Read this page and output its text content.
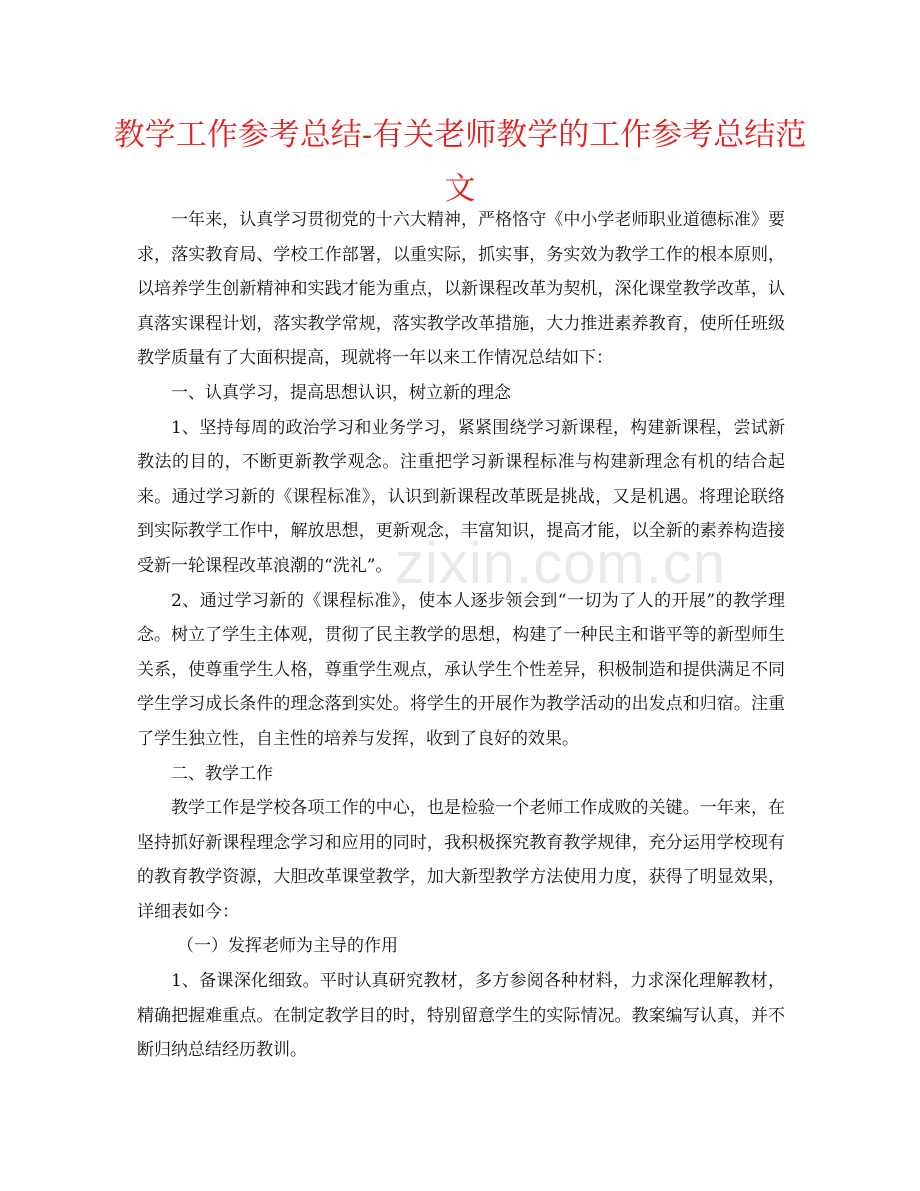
教学工作参考总结-有关老师教学的工作参考总结范文
zixin.com.cn

一年来，认真学习贯彻党的十六大精神，严格恪守《中小学老师职业道德标准》要求，落实教育局、学校工作部署，以重实际，抓实事，务实效为教学工作的根本原则，以培养学生创新精神和实践才能为重点，以新课程改革为契机，深化课堂教学改革，认真落实课程计划，落实教学常规，落实教学改革措施，大力推进素养教育，使所任班级教学质量有了大面积提高，现就将一年以来工作情况总结如下：

一、认真学习，提高思想认识，树立新的理念

1、坚持每周的政治学习和业务学习，紧紧围绕学习新课程，构建新课程，尝试新教法的目的，不断更新教学观念。注重把学习新课程标准与构建新理念有机的结合起来。通过学习新的《课程标准》，认识到新课程改革既是挑战，又是机遇。将理论联络到实际教学工作中，解放思想，更新观念，丰富知识，提高才能，以全新的素养构造接受新一轮课程改革浪潮的“洗礼”。

2、通过学习新的《课程标准》，使本人逐步领会到“一切为了人的开展”的教学理念。树立了学生主体观，贯彻了民主教学的思想，构建了一种民主和谐平等的新型师生关系，使尊重学生人格，尊重学生观点，承认学生个性差异，积极制造和提供满足不同学生学习成长条件的理念落到实处。将学生的开展作为教学活动的出发点和归宿。注重了学生独立性，自主性的培养与发挥，收到了良好的效果。

二、教学工作

教学工作是学校各项工作的中心，也是检验一个老师工作成败的关键。一年来，在坚持抓好新课程理念学习和应用的同时，我积极探究教育教学规律，充分运用学校现有的教育教学资源，大胆改革课堂教学，加大新型教学方法使用力度，获得了明显效果，详细表如今：

（一）发挥老师为主导的作用

1、备课深化细致。平时认真研究教材，多方参阅各种材料，力求深化理解教材，精确把握难重点。在制定教学目的时，特别留意学生的实际情况。教案编写认真，并不断归纳总结经历教训。
